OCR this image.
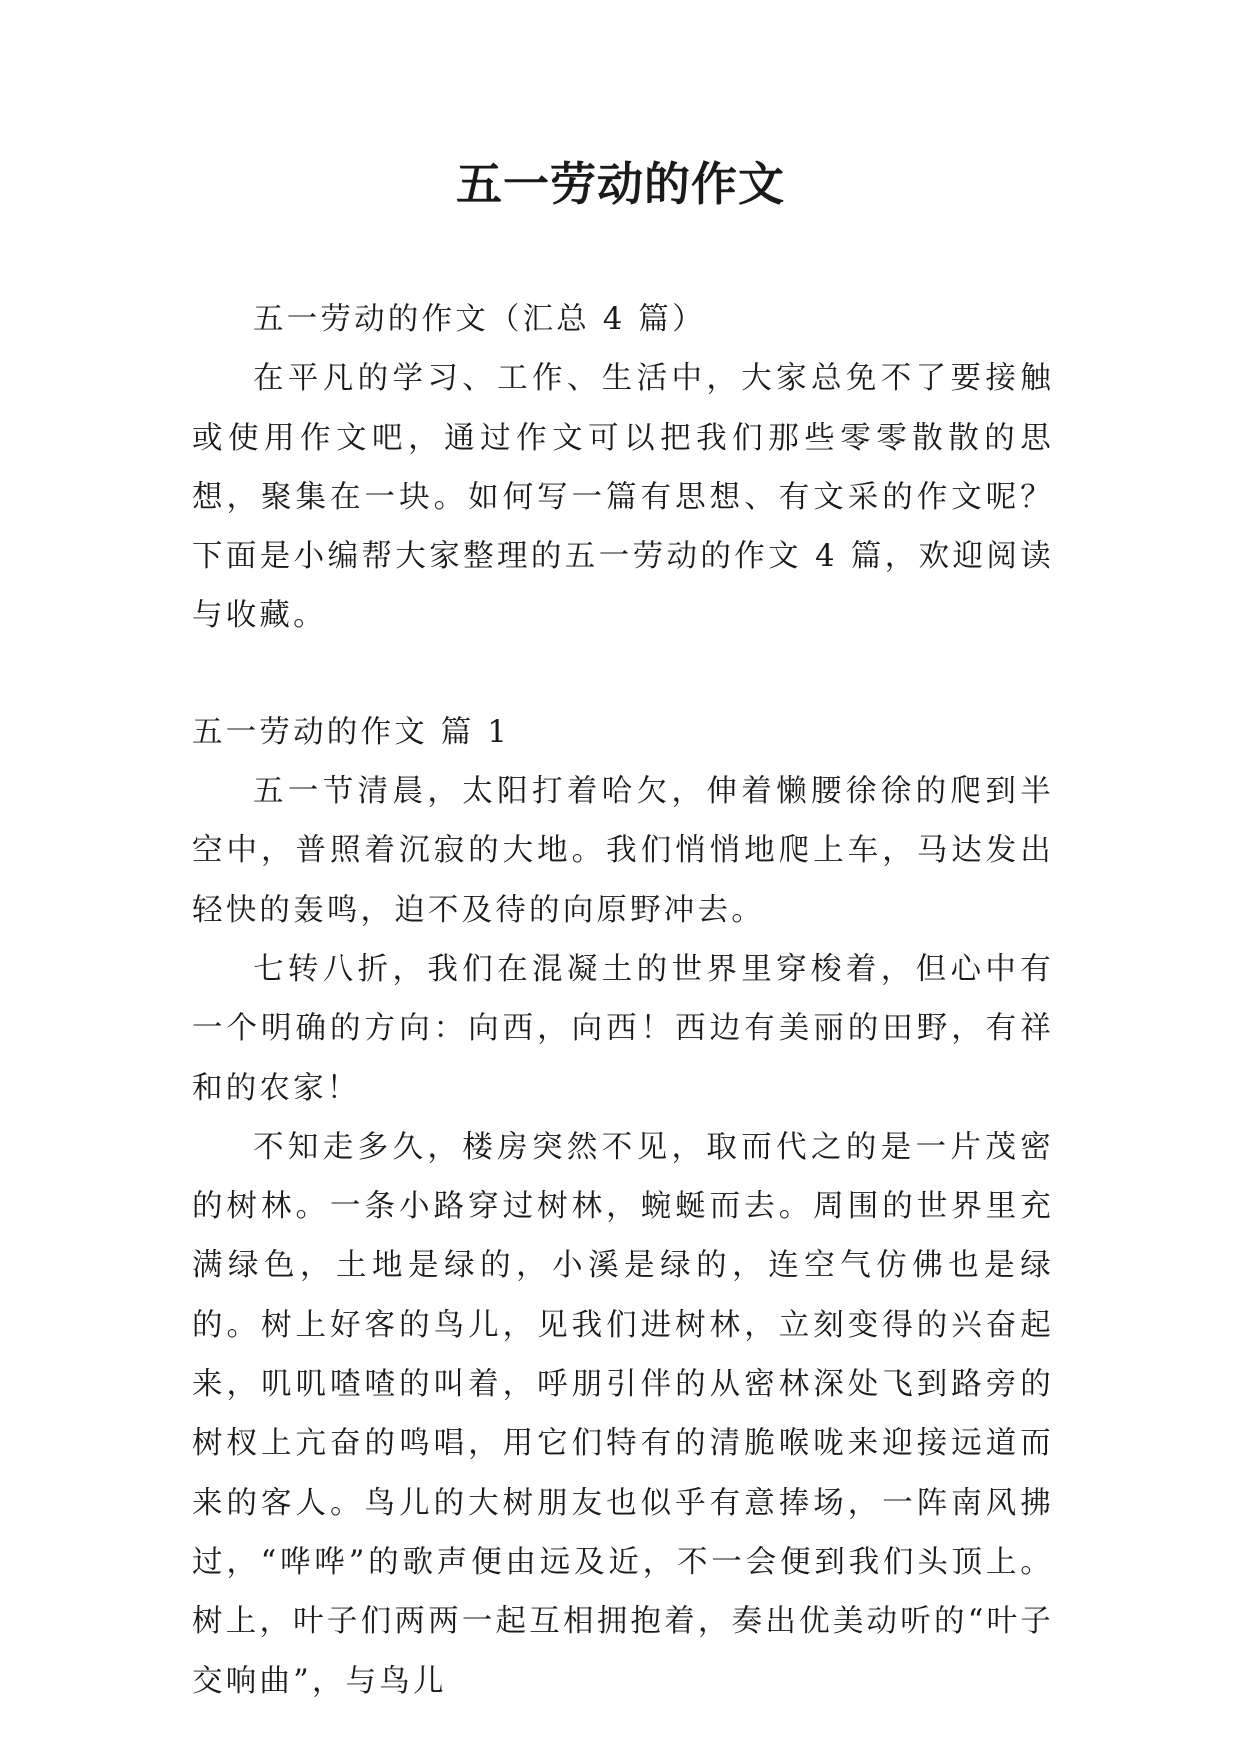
五一劳动的作文

五一劳动的作文（汇总 4 篇）

在平凡的学习、工作、生活中，大家总免不了要接触或使用作文吧，通过作文可以把我们那些零零散散的思想，聚集在一块。如何写一篇有思想、有文采的作文呢？下面是小编帮大家整理的五一劳动的作文 4 篇，欢迎阅读与收藏。

五一劳动的作文 篇 1

五一节清晨，太阳打着哈欠，伸着懒腰徐徐的爬到半空中，普照着沉寂的大地。我们悄悄地爬上车，马达发出轻快的轰鸣，迫不及待的向原野冲去。

七转八折，我们在混凝土的世界里穿梭着，但心中有一个明确的方向：向西，向西！西边有美丽的田野，有祥和的农家！

不知走多久，楼房突然不见，取而代之的是一片茂密的树林。一条小路穿过树林，蜿蜒而去。周围的世界里充满绿色，土地是绿的，小溪是绿的，连空气仿佛也是绿的。树上好客的鸟儿，见我们进树林，立刻变得的兴奋起来，叽叽喳喳的叫着，呼朋引伴的从密林深处飞到路旁的树杈上亢奋的鸣唱，用它们特有的清脆喉咙来迎接远道而来的客人。鸟儿的大树朋友也似乎有意捧场，一阵南风拂过，“哗哗”的歌声便由远及近，不一会便到我们头顶上。树上，叶子们两两一起互相拥抱着，奏出优美动听的“叶子交响曲”，与鸟儿
